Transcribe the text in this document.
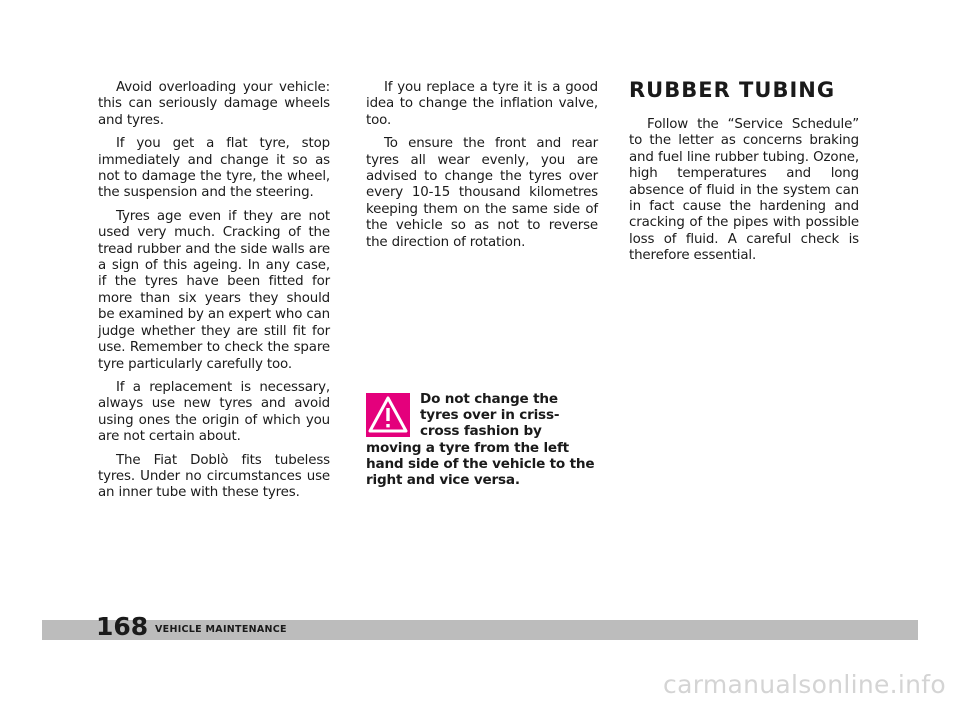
Avoid overloading your vehicle: this can seriously damage wheels and tyres.

If you get a flat tyre, stop immediately and change it so as not to damage the tyre, the wheel, the suspension and the steering.

Tyres age even if they are not used very much. Cracking of the tread rubber and the side walls are a sign of this ageing. In any case, if the tyres have been fitted for more than six years they should be examined by an expert who can judge whether they are still fit for use. Remember to check the spare tyre particularly carefully too.

If a replacement is necessary, always use new tyres and avoid using ones the origin of which you are not certain about.

The Fiat Doblò fits tubeless tyres. Under no circumstances use an inner tube with these tyres.

If you replace a tyre it is a good idea to change the inflation valve, too.

To ensure the front and rear tyres all wear evenly, you are advised to change the tyres over every 10-15 thousand kilometres keeping them on the same side of the vehicle so as not to reverse the direction of rotation.

Do not change the tyres over in criss-cross fashion by moving a tyre from the left hand side of the vehicle to the right and vice versa.
RUBBER TUBING

Follow the “Service Schedule” to the letter as concerns braking and fuel line rubber tubing. Ozone, high temperatures and long absence of fluid in the system can in fact cause the hardening and cracking of the pipes with possible loss of fluid. A careful check is therefore essential.

168 VEHICLE MAINTENANCE
carmanualsonline.info
